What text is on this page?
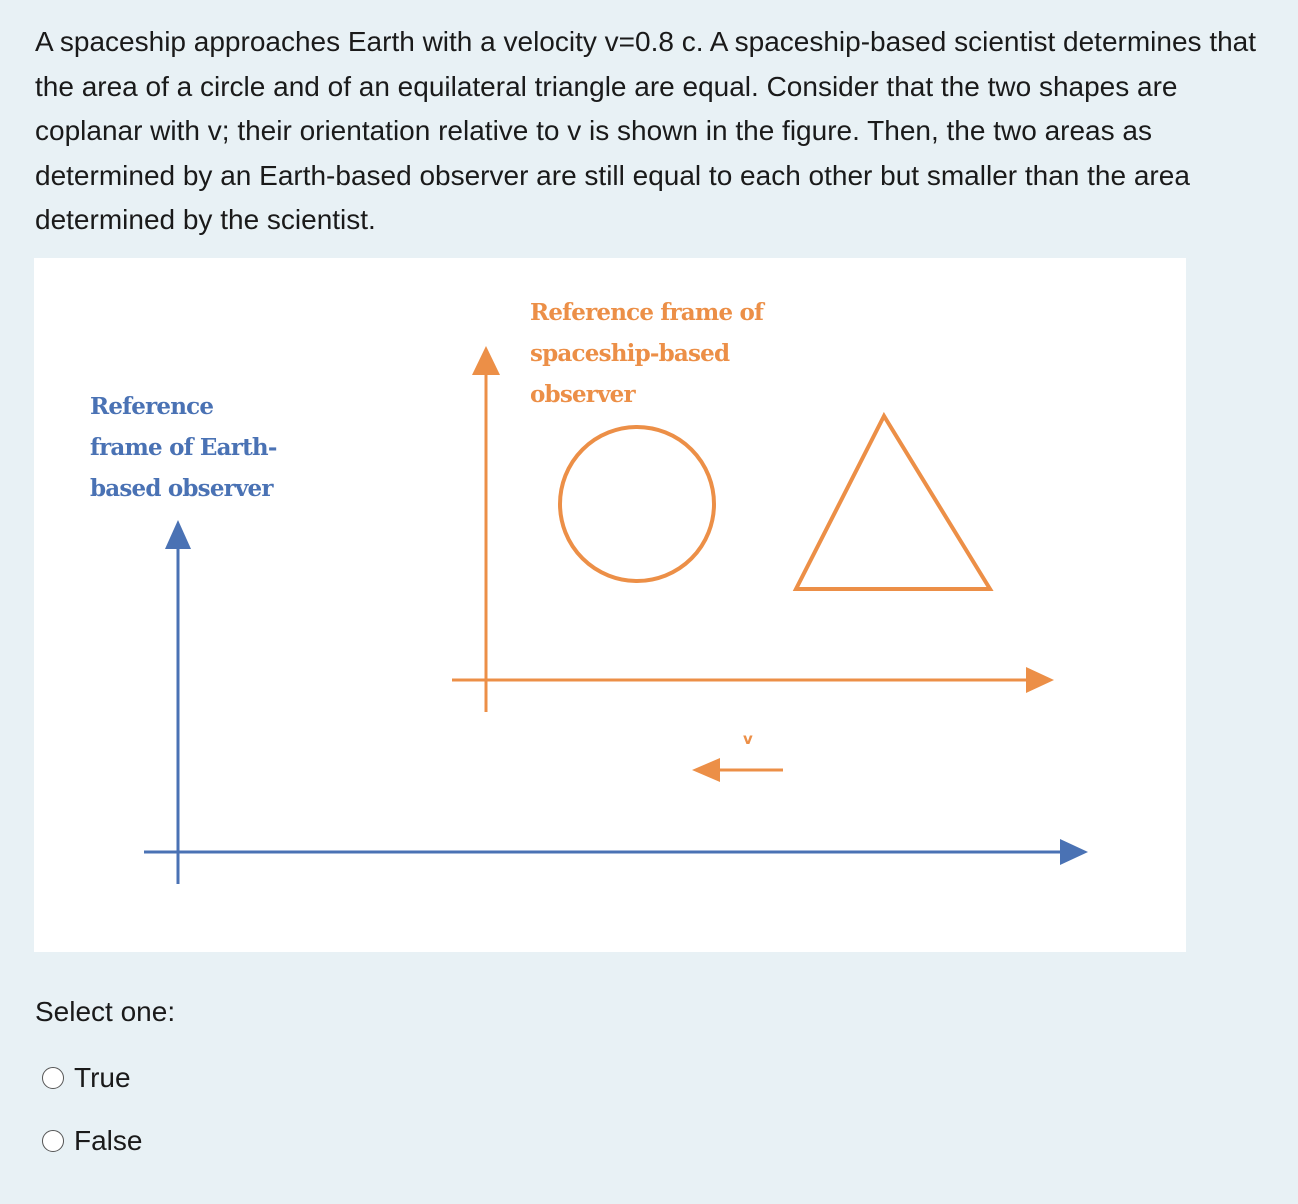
A spaceship approaches Earth with a velocity v=0.8 c. A spaceship-based scientist determines that the area of a circle and of an equilateral triangle are equal. Consider that the two shapes are coplanar with v; their orientation relative to v is shown in the figure. Then, the two areas as determined by an Earth-based observer are still equal to each other but smaller than the area determined by the scientist.

Reference
frame of Earth-
based observer
Reference frame of
spaceship-based
observer
v

Select one:

True
False
